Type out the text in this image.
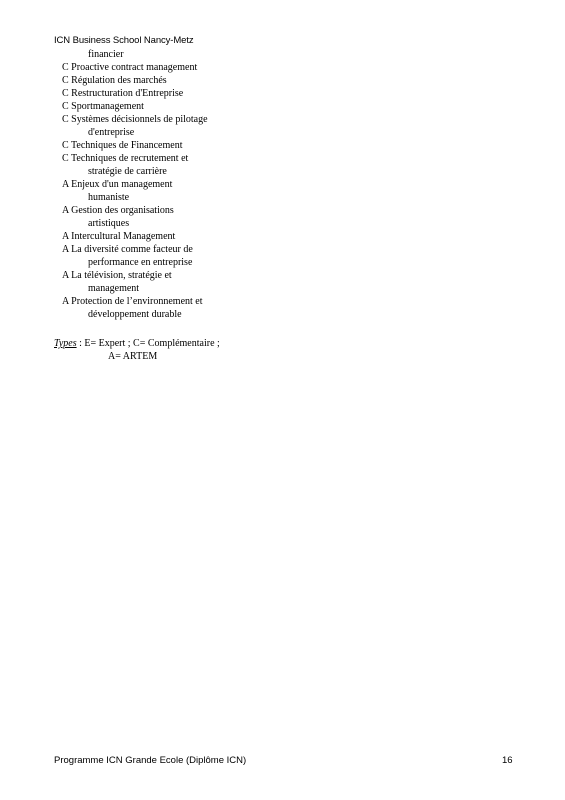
ICN Business School Nancy-Metz
financier
C Proactive contract management
C Régulation des marchés
C Restructuration d'Entreprise
C Sportmanagement
C Systèmes décisionnels de pilotage
d'entreprise
C Techniques de Financement
C Techniques de recrutement et
stratégie de carrière
A Enjeux d'un management
humaniste
A Gestion des organisations
artistiques
A Intercultural Management
A La diversité comme facteur de
performance en entreprise
A La télévision, stratégie et
management
A Protection de l’environnement et
développement durable
Types : E= Expert ; C= Complémentaire ;
A= ARTEM
Programme ICN Grande Ecole (Diplôme ICN)	16
